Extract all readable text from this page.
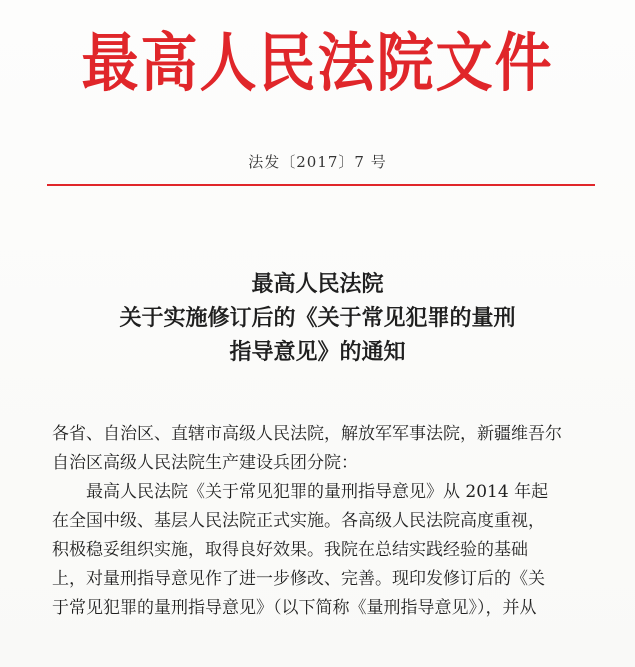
最高人民法院文件
法发〔2017〕7 号
最高人民法院
关于实施修订后的《关于常见犯罪的量刑
指导意见》的通知

各省、自治区、直辖市高级人民法院，解放军军事法院，新疆维吾尔

自治区高级人民法院生产建设兵团分院：

最高人民法院《关于常见犯罪的量刑指导意见》从 2014 年起

在全国中级、基层人民法院正式实施。各高级人民法院高度重视，

积极稳妥组织实施，取得良好效果。我院在总结实践经验的基础

上，对量刑指导意见作了进一步修改、完善。现印发修订后的《关

于常见犯罪的量刑指导意见》（以下简称《量刑指导意见》），并从
